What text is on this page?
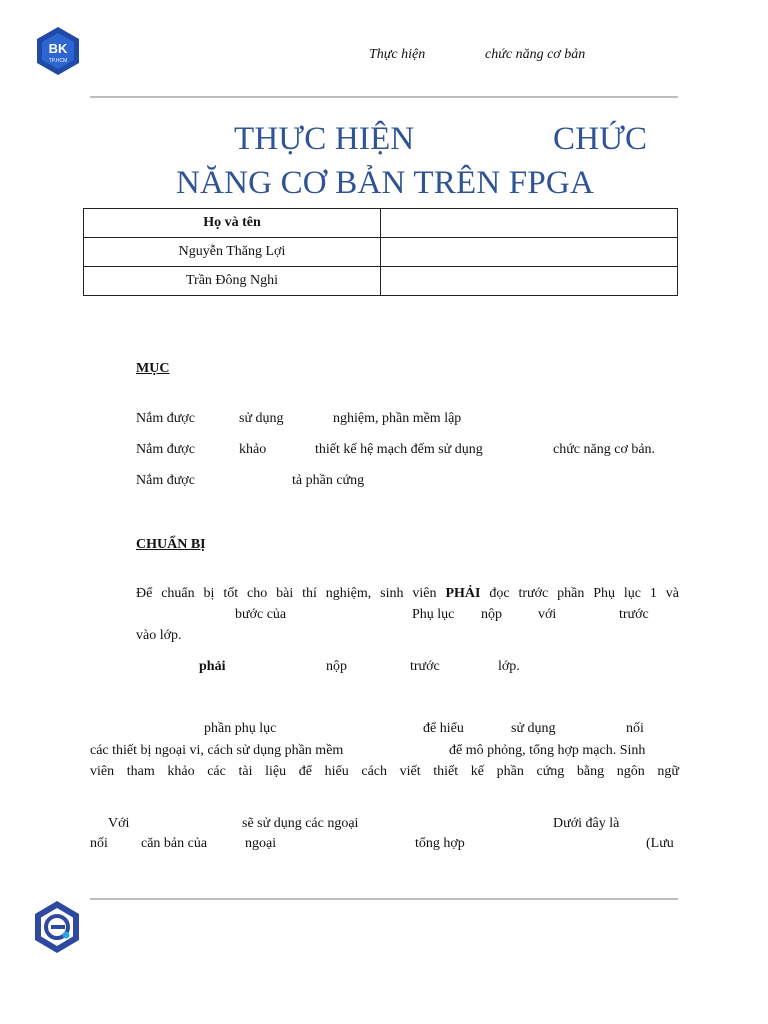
BK
TP.HCM	Thực hiện	chức năng cơ bản
THỰC HIỆN	CHỨC
NĂNG CƠ BẢN TRÊN FPGA
Họ và tên	
Nguyễn Thăng Lợi	
Trần Đông Nghi	
MỤC
Nắm được	sử dụng	nghiệm, phần mềm lập
Nắm được	khảo	thiết kế hệ mạch đếm sử dụng	chức năng cơ bản.
Nắm được	tả phần cứng
CHUẨN BỊ
Để chuẩn bị tốt cho bài thí nghiệm, sinh viên PHẢI đọc trước phần Phụ lục 1 và
bước của	Phụ lục nộp	với	trước
vào lớp.
phải	nộp	trước	lớp.
phần phụ lục	để hiểu	sử dụng	nối
các thiết bị ngoại vi, cách sử dụng phần mềm	để mô phỏng, tổng hợp mạch. Sinh
viên tham khảo các tài liệu để hiểu cách viết thiết kế phần cứng bằng ngôn ngữ
Với	sẽ sử dụng các ngoại	Dưới đây là
nối căn bản của	ngoại	tổng hợp	(Lưu
